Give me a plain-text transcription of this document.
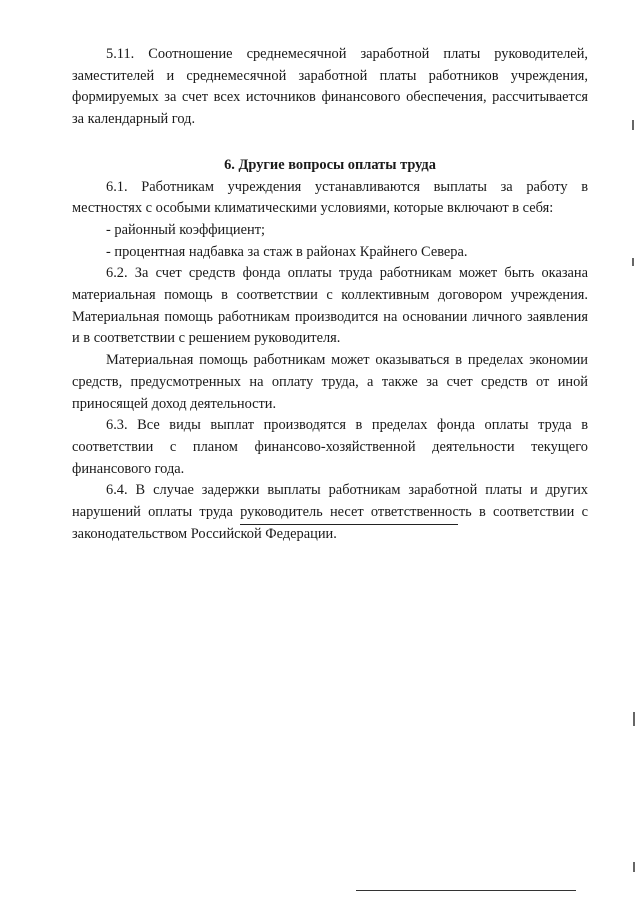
5.11. Соотношение среднемесячной заработной платы руководителей, заместителей и среднемесячной заработной платы работников учреждения, формируемых за счет всех источников финансового обеспечения, рассчитывается за календарный год.

6. Другие вопросы оплаты труда

6.1. Работникам учреждения устанавливаются выплаты за работу в местностях с особыми климатическими условиями, которые включают в себя:

- районный коэффициент;

- процентная надбавка за стаж в районах Крайнего Севера.

6.2. За счет средств фонда оплаты труда работникам может быть оказана материальная помощь в соответствии с коллективным договором учреждения. Материальная помощь работникам производится на основании личного заявления и в соответствии с решением руководителя.

Материальная помощь работникам может оказываться в пределах экономии средств, предусмотренных на оплату труда, а также за счет средств от иной приносящей доход деятельности.

6.3. Все виды выплат производятся в пределах фонда оплаты труда в соответствии с планом финансово-хозяйственной деятельности текущего финансового года.

6.4. В случае задержки выплаты работникам заработной платы и других нарушений оплаты труда руководитель несет ответственность в соответствии с законодательством Российской Федерации.
